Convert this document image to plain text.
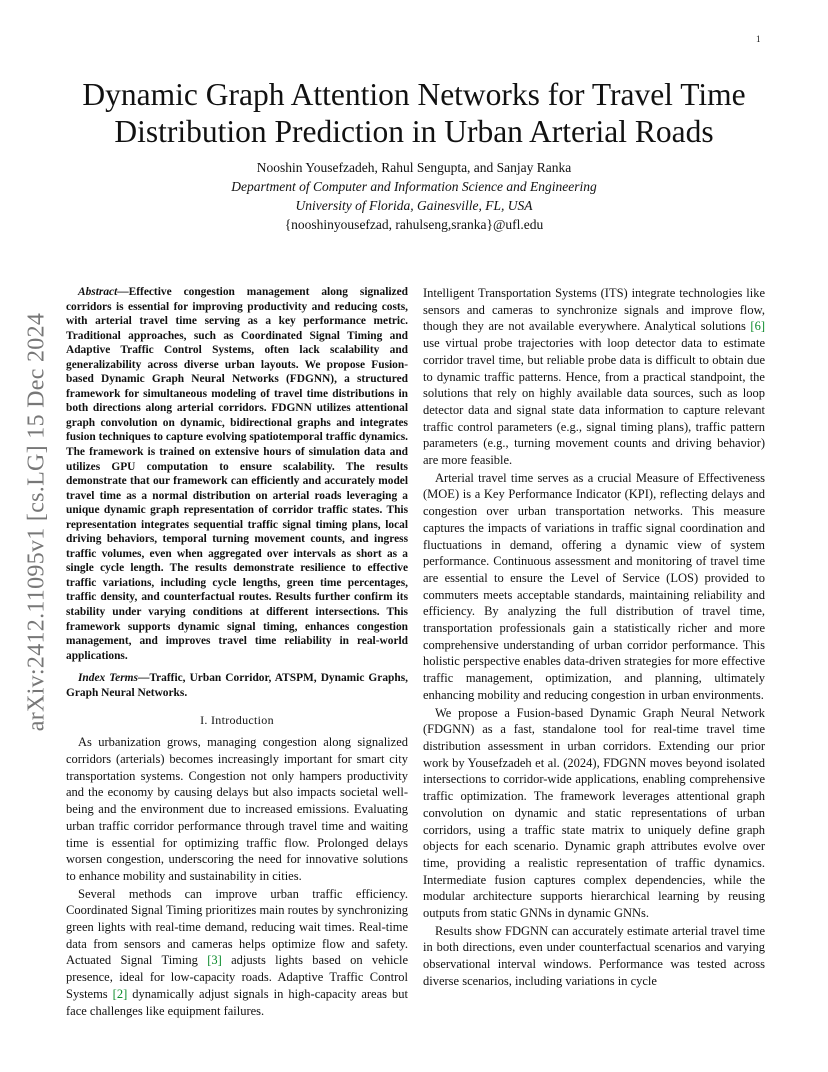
1
arXiv:2412.11095v1 [cs.LG] 15 Dec 2024
Dynamic Graph Attention Networks for Travel Time
Distribution Prediction in Urban Arterial Roads
Nooshin Yousefzadeh, Rahul Sengupta, and Sanjay Ranka
Department of Computer and Information Science and Engineering
University of Florida, Gainesville, FL, USA
{nooshinyousefzad, rahulseng,sranka}@ufl.edu

Abstract—Effective congestion management along signalized corridors is essential for improving productivity and reducing costs, with arterial travel time serving as a key performance metric. Traditional approaches, such as Coordinated Signal Timing and Adaptive Traffic Control Systems, often lack scalability and generalizability across diverse urban layouts. We propose Fusion-based Dynamic Graph Neural Networks (FDGNN), a structured framework for simultaneous modeling of travel time distributions in both directions along arterial corridors. FDGNN utilizes attentional graph convolution on dynamic, bidirectional graphs and integrates fusion techniques to capture evolving spatiotemporal traffic dynamics. The framework is trained on extensive hours of simulation data and utilizes GPU computation to ensure scalability. The results demonstrate that our framework can efficiently and accurately model travel time as a normal distribution on arterial roads leveraging a unique dynamic graph representation of corridor traffic states. This representation integrates sequential traffic signal timing plans, local driving behaviors, temporal turning movement counts, and ingress traffic volumes, even when aggregated over intervals as short as a single cycle length. The results demonstrate resilience to effective traffic variations, including cycle lengths, green time percentages, traffic density, and counterfactual routes. Results further confirm its stability under varying conditions at different intersections. This framework supports dynamic signal timing, enhances congestion management, and improves travel time reliability in real-world applications.

Index Terms—Traffic, Urban Corridor, ATSPM, Dynamic Graphs, Graph Neural Networks.

I. Introduction

As urbanization grows, managing congestion along signalized corridors (arterials) becomes increasingly important for smart city transportation systems. Congestion not only hampers productivity and the economy by causing delays but also impacts societal well-being and the environment due to increased emissions. Evaluating urban traffic corridor performance through travel time and waiting time is essential for optimizing traffic flow. Prolonged delays worsen congestion, underscoring the need for innovative solutions to enhance mobility and sustainability in cities.

Several methods can improve urban traffic efficiency. Coordinated Signal Timing prioritizes main routes by synchronizing green lights with real-time demand, reducing wait times. Real-time data from sensors and cameras helps optimize flow and safety. Actuated Signal Timing [3] adjusts lights based on vehicle presence, ideal for low-capacity roads. Adaptive Traffic Control Systems [2] dynamically adjust signals in high-capacity areas but face challenges like equipment failures.

Intelligent Transportation Systems (ITS) integrate technologies like sensors and cameras to synchronize signals and improve flow, though they are not available everywhere. Analytical solutions [6] use virtual probe trajectories with loop detector data to estimate corridor travel time, but reliable probe data is difficult to obtain due to dynamic traffic patterns. Hence, from a practical standpoint, the solutions that rely on highly available data sources, such as loop detector data and signal state data information to capture relevant traffic control parameters (e.g., signal timing plans), traffic pattern parameters (e.g., turning movement counts and driving behavior) are more feasible.

Arterial travel time serves as a crucial Measure of Effectiveness (MOE) is a Key Performance Indicator (KPI), reflecting delays and congestion over urban transportation networks. This measure captures the impacts of variations in traffic signal coordination and fluctuations in demand, offering a dynamic view of system performance. Continuous assessment and monitoring of travel time are essential to ensure the Level of Service (LOS) provided to commuters meets acceptable standards, maintaining reliability and efficiency. By analyzing the full distribution of travel time, transportation professionals gain a statistically richer and more comprehensive understanding of urban corridor performance. This holistic perspective enables data-driven strategies for more effective traffic management, optimization, and planning, ultimately enhancing mobility and reducing congestion in urban environments.

We propose a Fusion-based Dynamic Graph Neural Network (FDGNN) as a fast, standalone tool for real-time travel time distribution assessment in urban corridors. Extending our prior work by Yousefzadeh et al. (2024), FDGNN moves beyond isolated intersections to corridor-wide applications, enabling comprehensive traffic optimization. The framework leverages attentional graph convolution on dynamic and static representations of urban corridors, using a traffic state matrix to uniquely define graph objects for each scenario. Dynamic graph attributes evolve over time, providing a realistic representation of traffic dynamics. Intermediate fusion captures complex dependencies, while the modular architecture supports hierarchical learning by reusing outputs from static GNNs in dynamic GNNs.

Results show FDGNN can accurately estimate arterial travel time in both directions, even under counterfactual scenarios and varying observational interval windows. Performance was tested across diverse scenarios, including variations in cycle
